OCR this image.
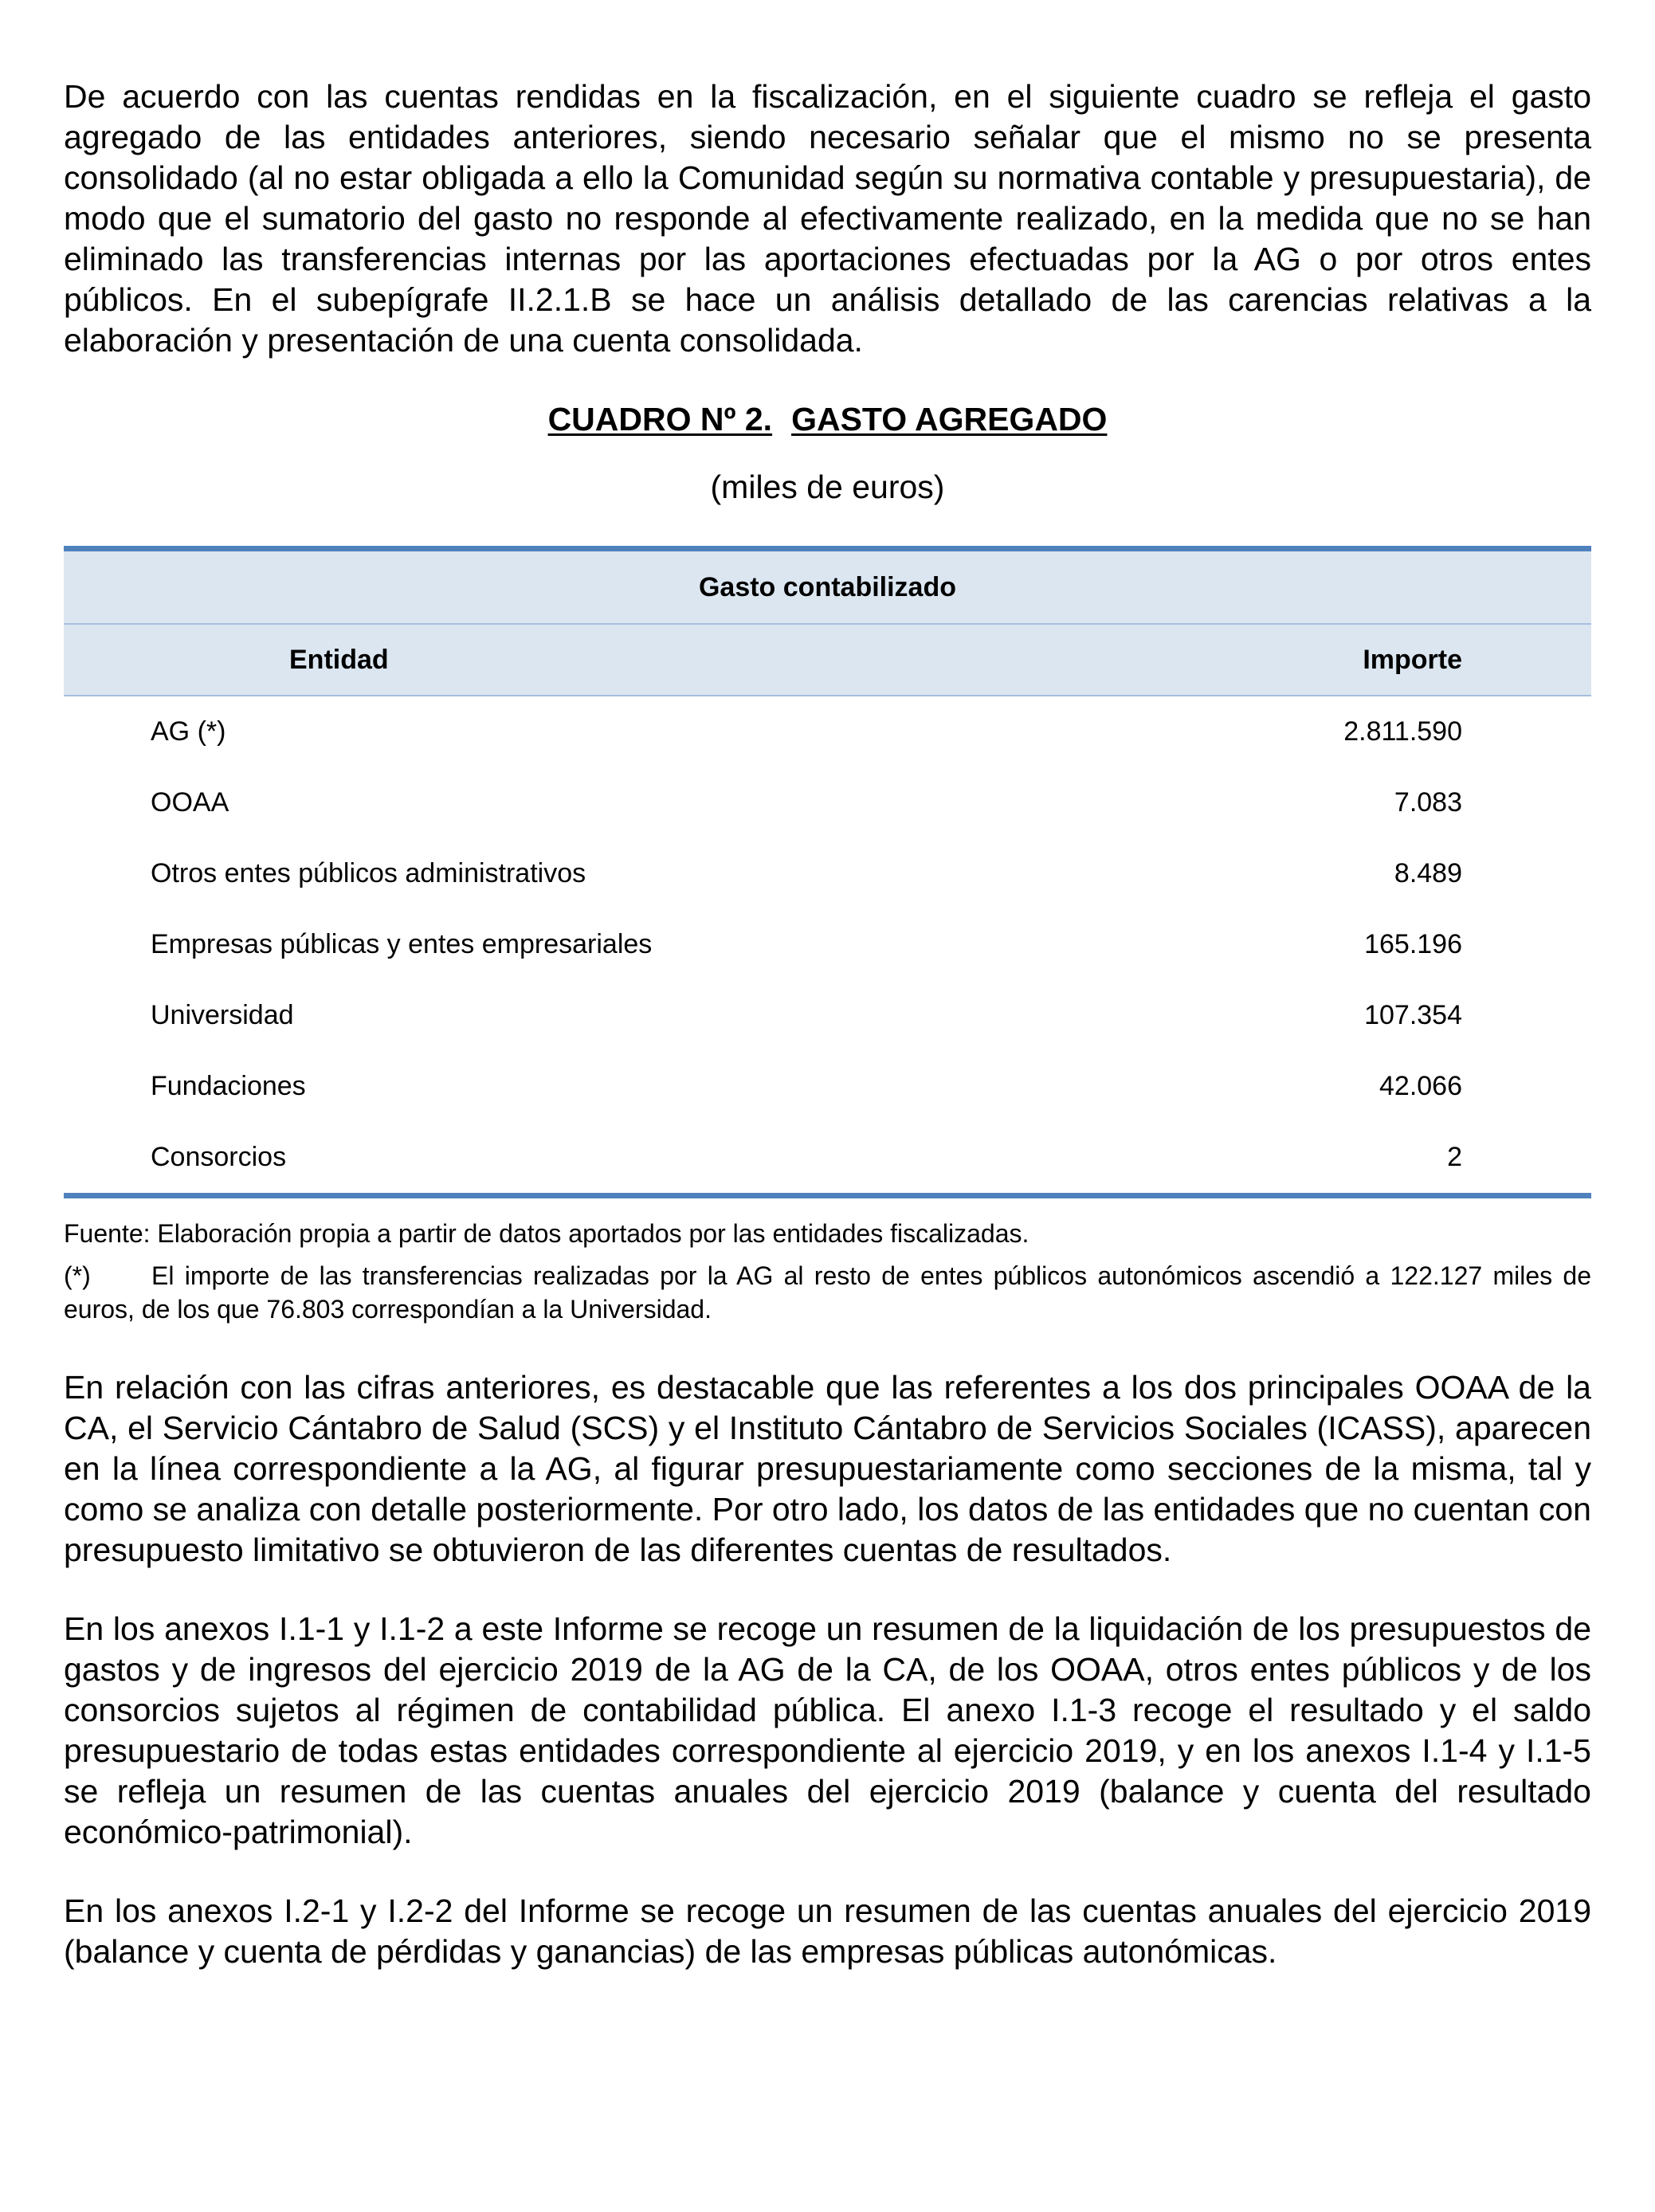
De acuerdo con las cuentas rendidas en la fiscalización, en el siguiente cuadro se refleja el gasto agregado de las entidades anteriores, siendo necesario señalar que el mismo no se presenta consolidado (al no estar obligada a ello la Comunidad según su normativa contable y presupuestaria), de modo que el sumatorio del gasto no responde al efectivamente realizado, en la medida que no se han eliminado las transferencias internas por las aportaciones efectuadas por la AG o por otros entes públicos. En el subepígrafe II.2.1.B se hace un análisis detallado de las carencias relativas a la elaboración y presentación de una cuenta consolidada.

CUADRO Nº 2. GASTO AGREGADO

(miles de euros)

Gasto contabilizado	
Entidad	Importe
AG (*)	2.811.590
OOAA	7.083
Otros entes públicos administrativos	8.489
Empresas públicas y entes empresariales	165.196
Universidad	107.354
Fundaciones	42.066
Consorcios	2

Fuente: Elaboración propia a partir de datos aportados por las entidades fiscalizadas.

(*) El importe de las transferencias realizadas por la AG al resto de entes públicos autonómicos ascendió a 122.127 miles de euros, de los que 76.803 correspondían a la Universidad.

En relación con las cifras anteriores, es destacable que las referentes a los dos principales OOAA de la CA, el Servicio Cántabro de Salud (SCS) y el Instituto Cántabro de Servicios Sociales (ICASS), aparecen en la línea correspondiente a la AG, al figurar presupuestariamente como secciones de la misma, tal y como se analiza con detalle posteriormente. Por otro lado, los datos de las entidades que no cuentan con presupuesto limitativo se obtuvieron de las diferentes cuentas de resultados.

En los anexos I.1-1 y I.1-2 a este Informe se recoge un resumen de la liquidación de los presupuestos de gastos y de ingresos del ejercicio 2019 de la AG de la CA, de los OOAA, otros entes públicos y de los consorcios sujetos al régimen de contabilidad pública. El anexo I.1-3 recoge el resultado y el saldo presupuestario de todas estas entidades correspondiente al ejercicio 2019, y en los anexos I.1-4 y I.1-5 se refleja un resumen de las cuentas anuales del ejercicio 2019 (balance y cuenta del resultado económico-patrimonial).

En los anexos I.2-1 y I.2-2 del Informe se recoge un resumen de las cuentas anuales del ejercicio 2019 (balance y cuenta de pérdidas y ganancias) de las empresas públicas autonómicas.
